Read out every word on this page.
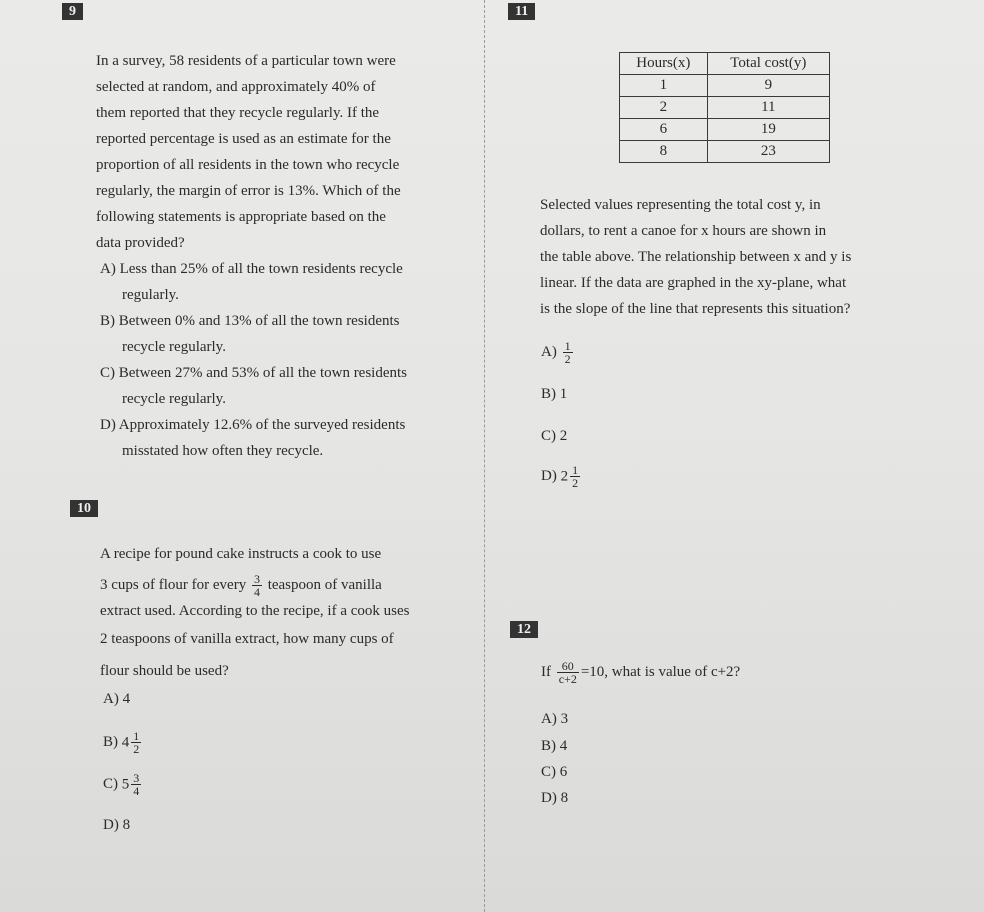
9
In a survey, 58 residents of a particular town were
selected at random, and approximately 40% of
them reported that they recycle regularly. If the
reported percentage is used as an estimate for the
proportion of all residents in the town who recycle
regularly, the margin of error is 13%. Which of the
following statements is appropriate based on the
data provided?
A) Less than 25% of all the town residents recycle
regularly.
B) Between 0% and 13% of all the town residents
recycle regularly.
C) Between 27% and 53% of all the town residents
recycle regularly.
D) Approximately 12.6% of the surveyed residents
misstated how often they recycle.
10
A recipe for pound cake instructs a cook to use
3 cups of flour for every $\frac{3}{4}$ teaspoon of vanilla
extract used. According to the recipe, if a cook uses
2 teaspoons of vanilla extract, how many cups of
flour should be used?
A) 4
B) $4 \frac{1}{2}$
C) $5 \frac{3}{4}$
D) 8
11
Hours(x)	Total cost(y)
1	9
2	11
6	19
8	23
Selected values representing the total cost y, in
dollars, to rent a canoe for x hours are shown in
the table above. The relationship between x and y is
linear. If the data are graphed in the xy-plane, what
is the slope of the line that represents this situation?
$A) \frac{1}{2}$
B) 1
C) 2
D) $2 \frac{1}{2}$
12
If $\frac{60}{c+2} =10$, what is value of c+2?
A) 3
B) 4
C) 6
D) 8
